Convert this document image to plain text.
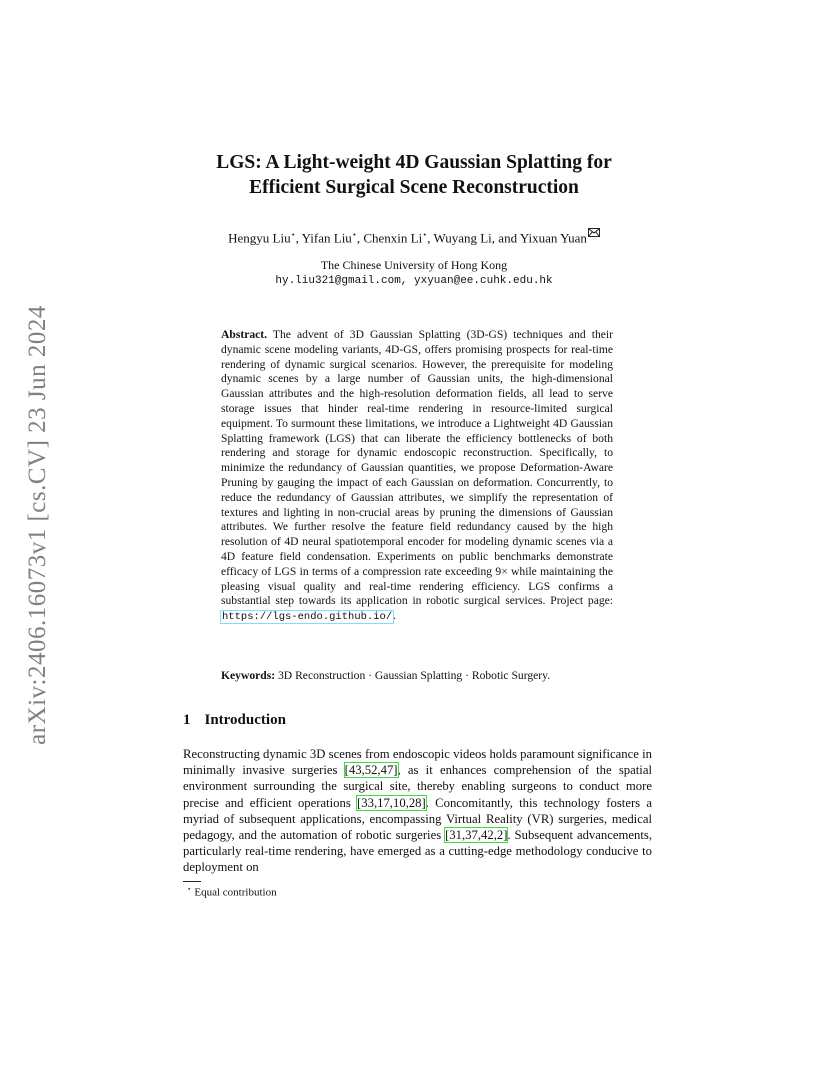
arXiv:2406.16073v1 [cs.CV] 23 Jun 2024
LGS: A Light-weight 4D Gaussian Splatting for
Efficient Surgical Scene Reconstruction
Hengyu Liu⋆, Yifan Liu⋆, Chenxin Li⋆, Wuyang Li, and Yixuan Yuan
The Chinese University of Hong Kong
hy.liu321@gmail.com, yxyuan@ee.cuhk.edu.hk
Abstract. The advent of 3D Gaussian Splatting (3D-GS) techniques and their dynamic scene modeling variants, 4D-GS, offers promising prospects for real-time rendering of dynamic surgical scenarios. However, the prerequisite for modeling dynamic scenes by a large number of Gaussian units, the high-dimensional Gaussian attributes and the high-resolution deformation fields, all lead to serve storage issues that hinder real-time rendering in resource-limited surgical equipment. To surmount these limitations, we introduce a Lightweight 4D Gaussian Splatting framework (LGS) that can liberate the efficiency bottlenecks of both rendering and storage for dynamic endoscopic reconstruction. Specifically, to minimize the redundancy of Gaussian quantities, we propose Deformation-Aware Pruning by gauging the impact of each Gaussian on deformation. Concurrently, to reduce the redundancy of Gaussian attributes, we simplify the representation of textures and lighting in non-crucial areas by pruning the dimensions of Gaussian attributes. We further resolve the feature field redundancy caused by the high resolution of 4D neural spatiotemporal encoder for modeling dynamic scenes via a 4D feature field condensation. Experiments on public benchmarks demonstrate efficacy of LGS in terms of a compression rate exceeding 9× while maintaining the pleasing visual quality and real-time rendering efficiency. LGS confirms a substantial step towards its application in robotic surgical services. Project page: https://lgs-endo.github.io/.
Keywords: 3D Reconstruction · Gaussian Splatting · Robotic Surgery.
1 Introduction
Reconstructing dynamic 3D scenes from endoscopic videos holds paramount significance in minimally invasive surgeries [43,52,47], as it enhances comprehension of the spatial environment surrounding the surgical site, thereby enabling surgeons to conduct more precise and efficient operations [33,17,10,28]. Concomitantly, this technology fosters a myriad of subsequent applications, encompassing Virtual Reality (VR) surgeries, medical pedagogy, and the automation of robotic surgeries [31,37,42,2]. Subsequent advancements, particularly real-time rendering, have emerged as a cutting-edge methodology conducive to deployment on
⋆ Equal contribution
